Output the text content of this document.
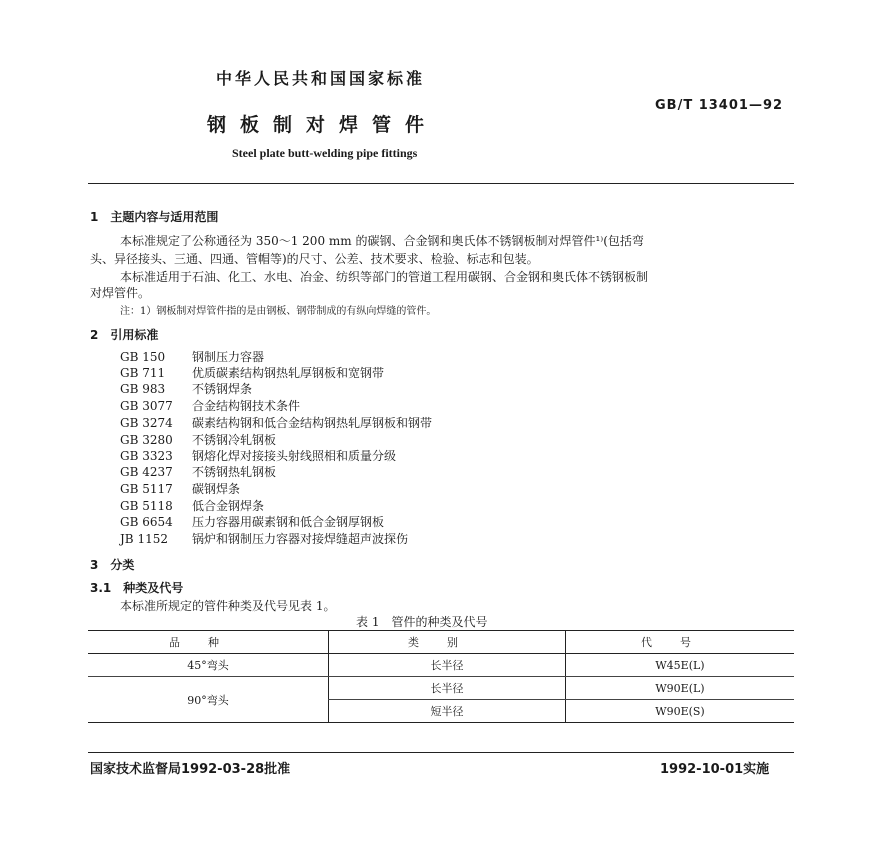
中华人民共和国国家标准
GB/T 13401—92
钢板制对焊管件
Steel plate butt-welding pipe fittings
1　主题内容与适用范围
本标准规定了公称通径为 350～1 200 mm 的碳钢、合金钢和奥氏体不锈钢板制对焊管件¹⁾(包括弯
头、异径接头、三通、四通、管帽等)的尺寸、公差、技术要求、检验、标志和包装。
本标准适用于石油、化工、水电、冶金、纺织等部门的管道工程用碳钢、合金钢和奥氏体不锈钢板制
对焊管件。
注：1）钢板制对焊管件指的是由钢板、钢带制成的有纵向焊缝的管件。
2　引用标准
GB 150 钢制压力容器
GB 711 优质碳素结构钢热轧厚钢板和宽钢带
GB 983 不锈钢焊条
GB 3077 合金结构钢技术条件
GB 3274 碳素结构钢和低合金结构钢热轧厚钢板和钢带
GB 3280 不锈钢冷轧钢板
GB 3323 钢熔化焊对接接头射线照相和质量分级
GB 4237 不锈钢热轧钢板
GB 5117 碳钢焊条
GB 5118 低合金钢焊条
GB 6654 压力容器用碳素钢和低合金钢厚钢板
JB 1152 锅炉和钢制压力容器对接焊缝超声波探伤
3　分类
3.1　种类及代号
本标准所规定的管件种类及代号见表 1。
表 1　管件的种类及代号
品种	类别	代号
45°弯头	长半径	W45E(L)
90°弯头	长半径	W90E(L)
	短半径	W90E(S)
国家技术监督局1992-03-28批准	1992-10-01实施
